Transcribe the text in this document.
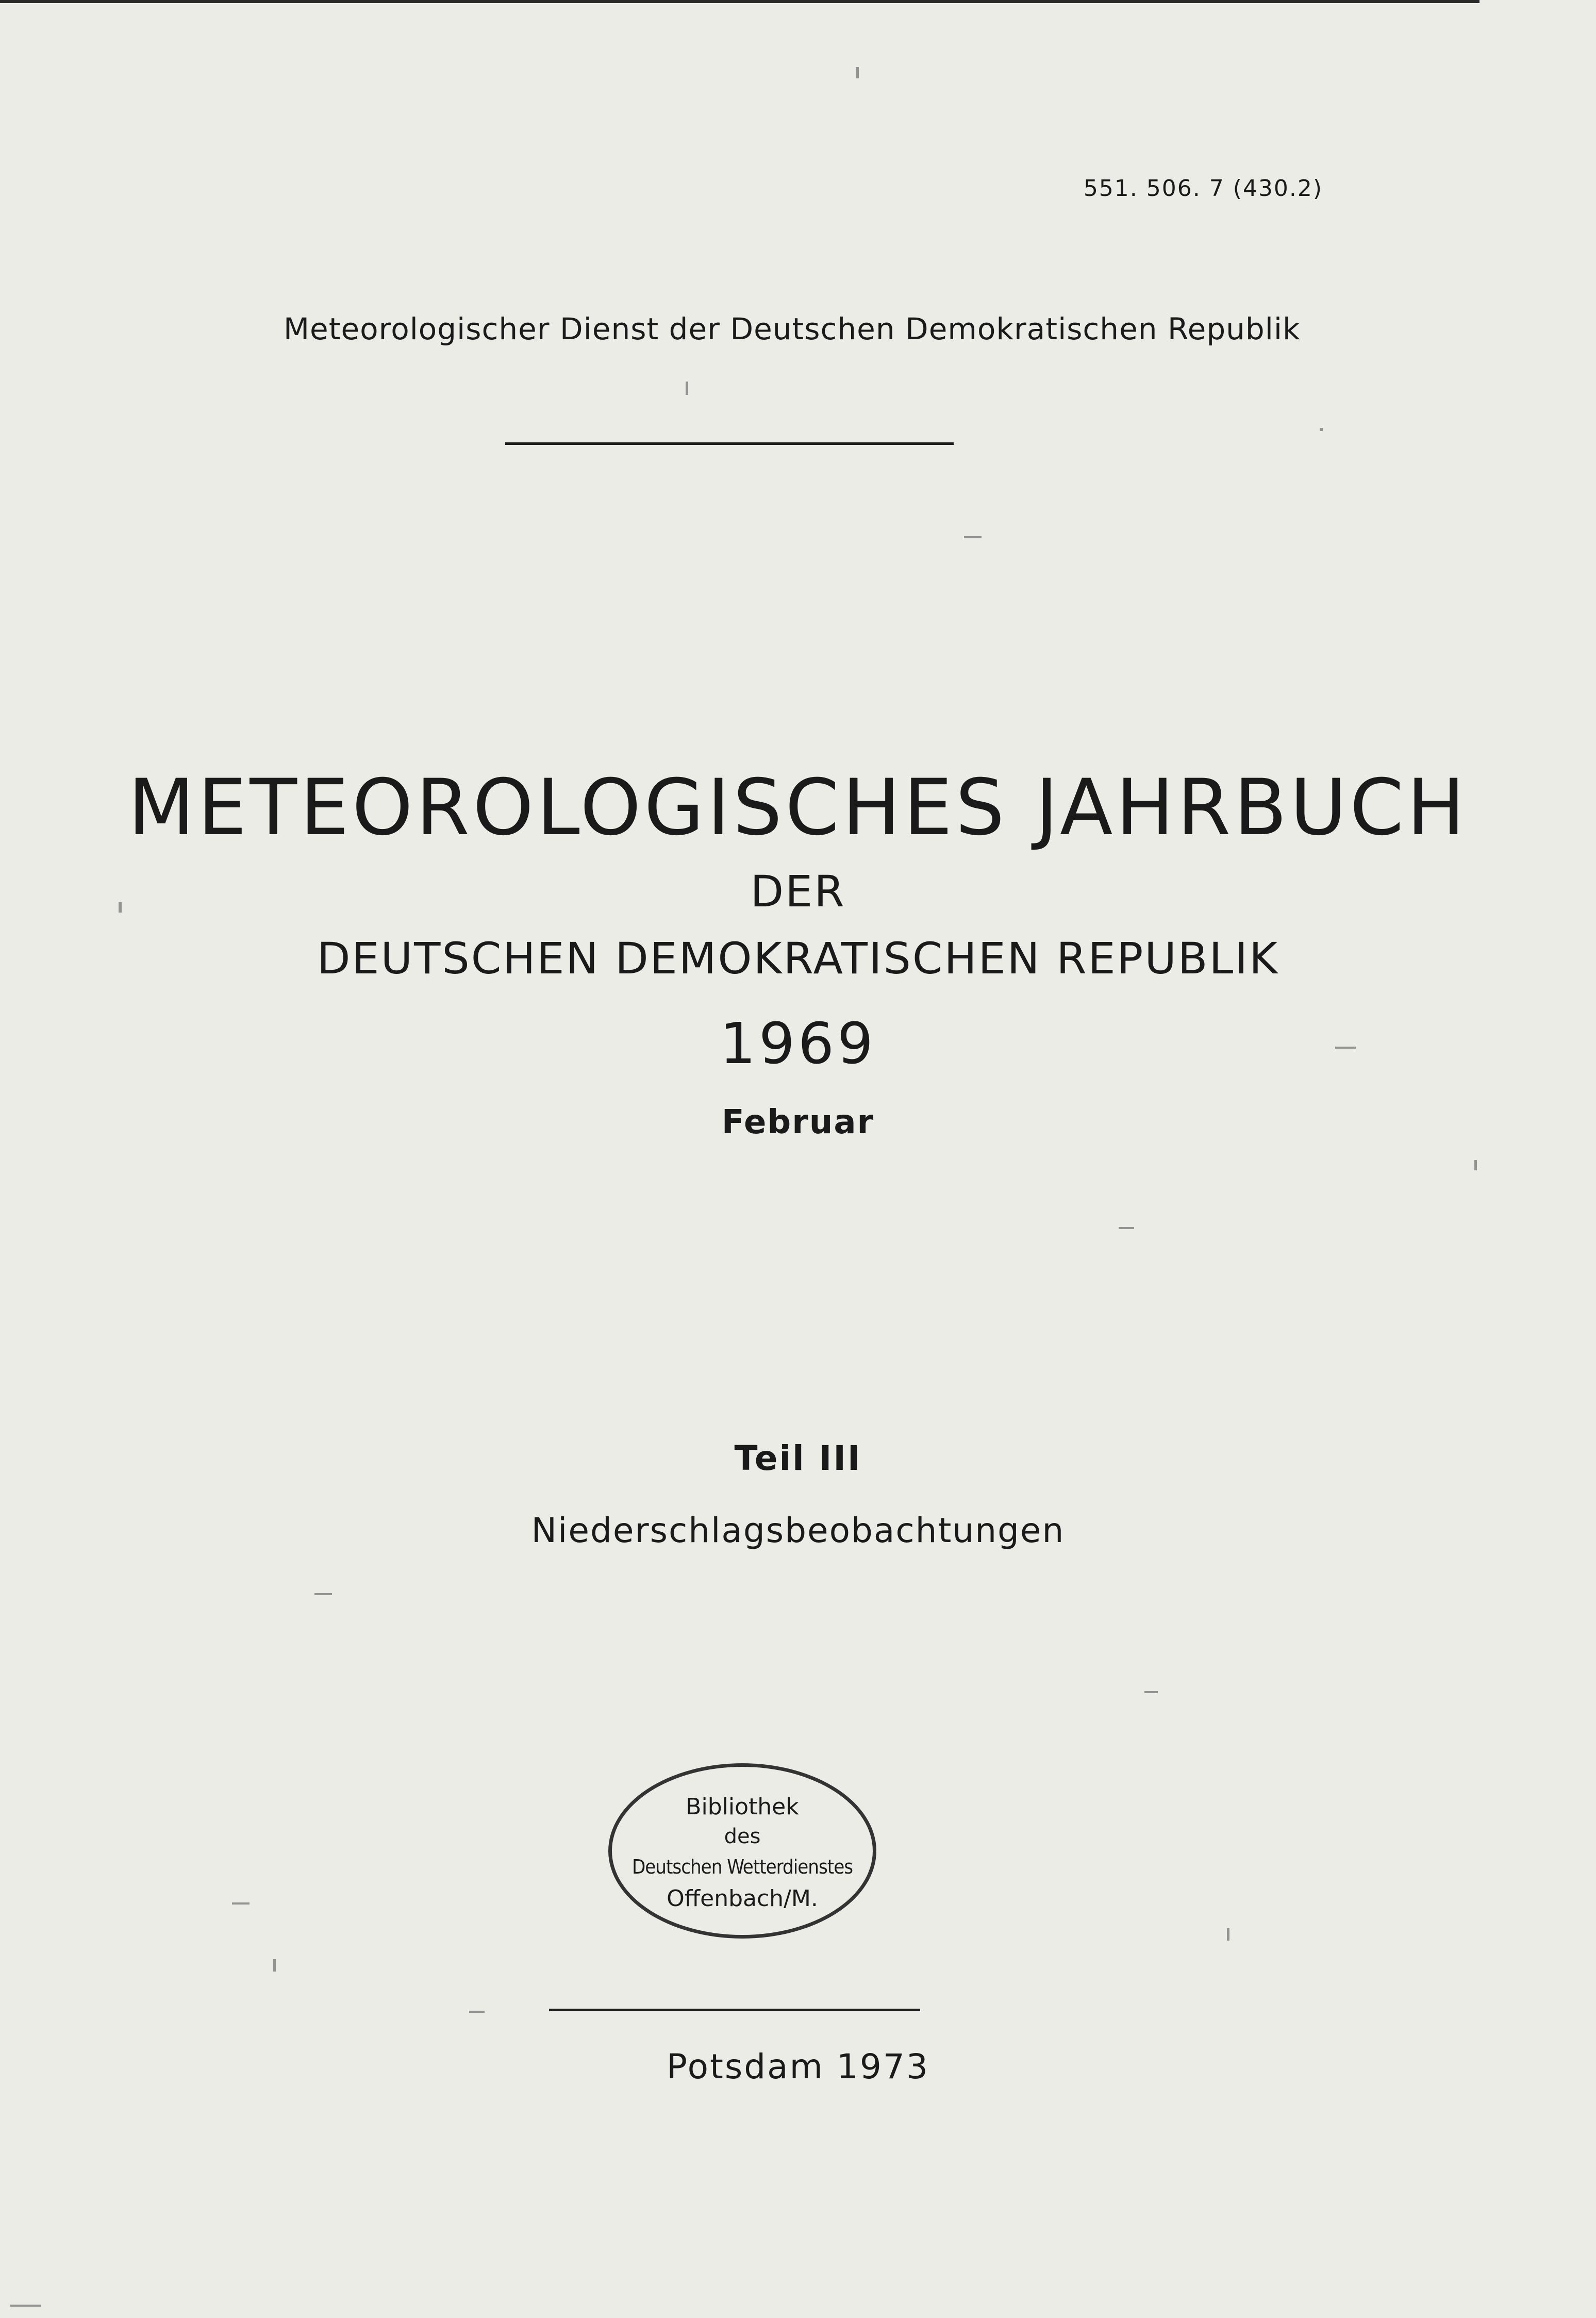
551. 506. 7 (430.2)
Meteorologischer Dienst der Deutschen Demokratischen Republik
METEOROLOGISCHES JAHRBUCH
DER
DEUTSCHEN DEMOKRATISCHEN REPUBLIK
1969
Februar
Teil III
Niederschlagsbeobachtungen
Bibliothek
des
Deutschen Wetterdienstes
Offenbach/M.
Potsdam 1973
